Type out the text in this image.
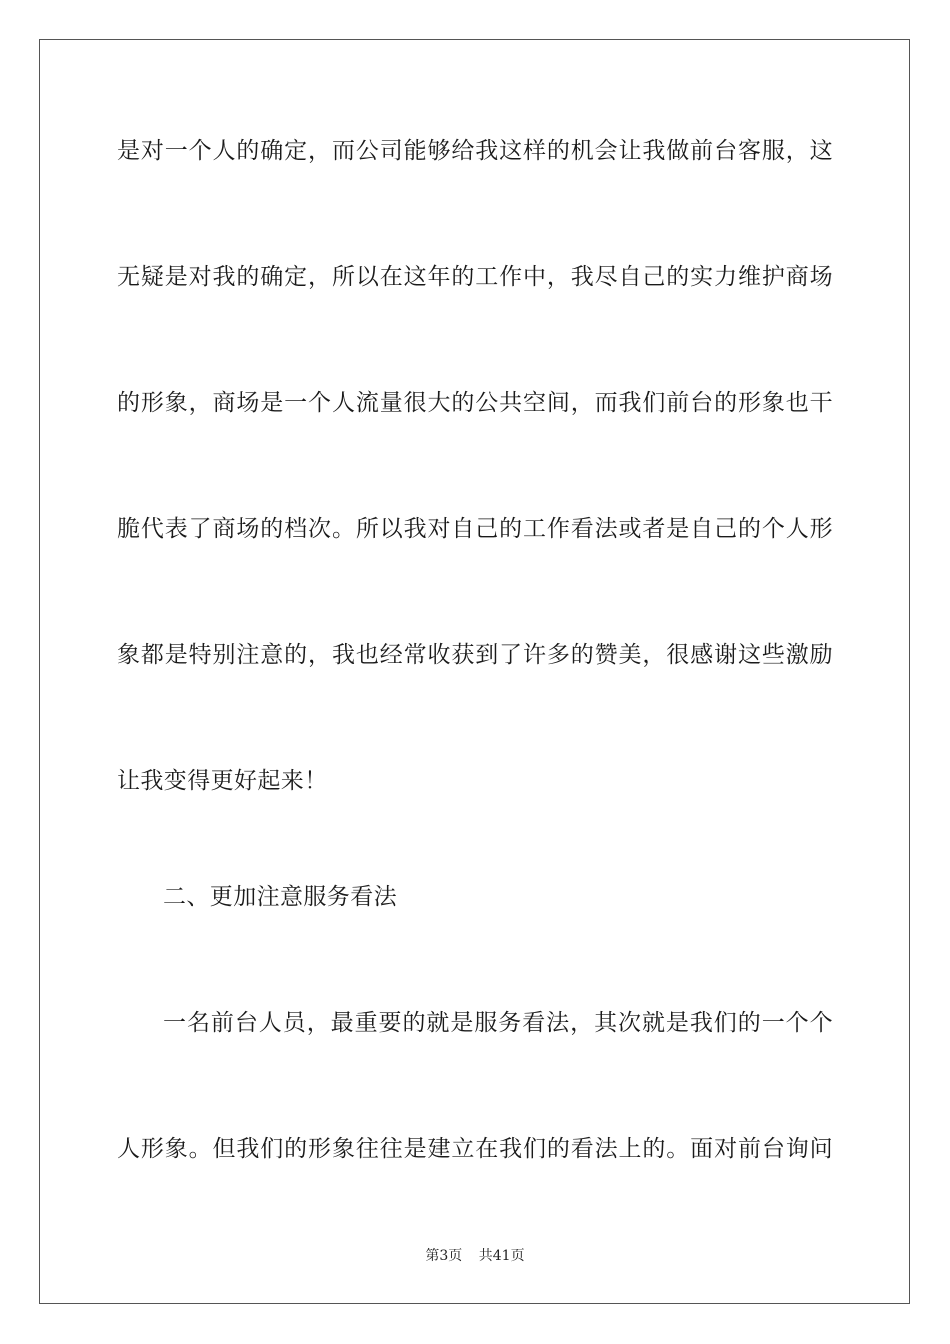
是对一个人的确定，而公司能够给我这样的机会让我做前台客服，这
无疑是对我的确定，所以在这年的工作中，我尽自己的实力维护商场
的形象，商场是一个人流量很大的公共空间，而我们前台的形象也干
脆代表了商场的档次。所以我对自己的工作看法或者是自己的个人形
象都是特别注意的，我也经常收获到了许多的赞美，很感谢这些激励
让我变得更好起来！
二、更加注意服务看法
一名前台人员，最重要的就是服务看法，其次就是我们的一个个
人形象。但我们的形象往往是建立在我们的看法上的。面对前台询问
第3页 共41页
